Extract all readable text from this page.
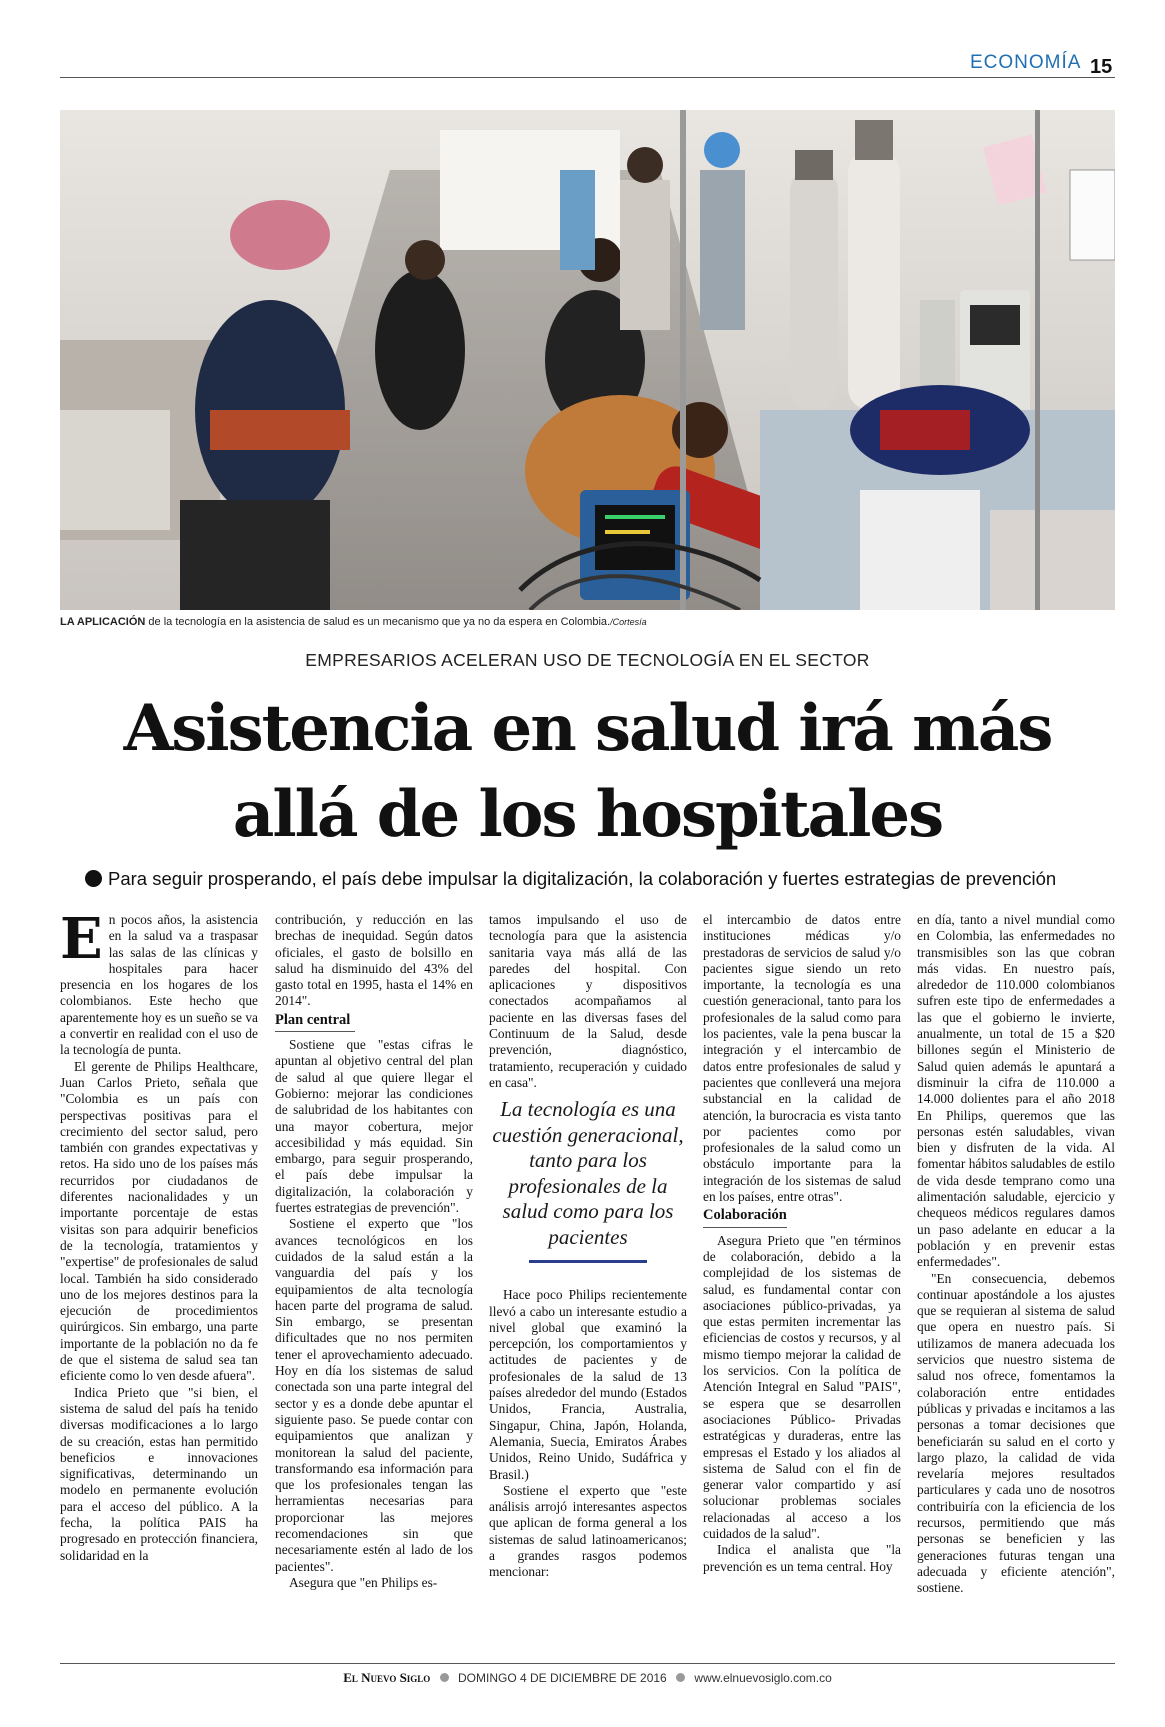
ECONOMÍA 15
LA APLICACIÓN de la tecnología en la asistencia de salud es un mecanismo que ya no da espera en Colombia./Cortesía
EMPRESARIOS ACELERAN USO DE TECNOLOGÍA EN EL SECTOR
Asistencia en salud irá más
allá de los hospitales
Para seguir prosperando, el país debe impulsar la digitalización, la colaboración y fuertes estrategias de prevención

En pocos años, la asistencia en la salud va a traspasar las salas de las clínicas y hospitales para hacer presencia en los hogares de los colombianos. Este hecho que aparentemente hoy es un sueño se va a convertir en realidad con el uso de la tecnología de punta.

El gerente de Philips Healthcare, Juan Carlos Prieto, señala que "Colombia es un país con perspectivas positivas para el crecimiento del sector salud, pero también con grandes expectativas y retos. Ha sido uno de los países más recurridos por ciudadanos de diferentes nacionalidades y un importante porcentaje de estas visitas son para adquirir beneficios de la tecnología, tratamientos y "expertise" de profesionales de salud local. También ha sido considerado uno de los mejores destinos para la ejecución de procedimientos quirúrgicos. Sin embargo, una parte importante de la población no da fe de que el sistema de salud sea tan eficiente como lo ven desde afuera".

Indica Prieto que "si bien, el sistema de salud del país ha tenido diversas modificaciones a lo largo de su creación, estas han permitido beneficios e innovaciones significativas, determinando un modelo en permanente evolución para el acceso del público. A la fecha, la política PAIS ha progresado en protección financiera, solidaridad en la

contribución, y reducción en las brechas de inequidad. Según datos oficiales, el gasto de bolsillo en salud ha disminuido del 43% del gasto total en 1995, hasta el 14% en 2014".

Plan central

Sostiene que "estas cifras le apuntan al objetivo central del plan de salud al que quiere llegar el Gobierno: mejorar las condiciones de salubridad de los habitantes con una mayor cobertura, mejor accesibilidad y más equidad. Sin embargo, para seguir prosperando, el país debe impulsar la digitalización, la colaboración y fuertes estrategias de prevención".

Sostiene el experto que "los avances tecnológicos en los cuidados de la salud están a la vanguardia del país y los equipamientos de alta tecnología hacen parte del programa de salud. Sin embargo, se presentan dificultades que no nos permiten tener el aprovechamiento adecuado. Hoy en día los sistemas de salud conectada son una parte integral del sector y es a donde debe apuntar el siguiente paso. Se puede contar con equipamientos que analizan y monitorean la salud del paciente, transformando esa información para que los profesionales tengan las herramientas necesarias para proporcionar las mejores recomendaciones sin que necesariamente estén al lado de los pacientes".

Asegura que "en Philips es-

tamos impulsando el uso de tecnología para que la asistencia sanitaria vaya más allá de las paredes del hospital. Con aplicaciones y dispositivos conectados acompañamos al paciente en las diversas fases del Continuum de la Salud, desde prevención, diagnóstico, tratamiento, recuperación y cuidado en casa".

La tecnología es una cuestión generacional, tanto para los profesionales de la salud como para los pacientes

Hace poco Philips recientemente llevó a cabo un interesante estudio a nivel global que examinó la percepción, los comportamientos y actitudes de pacientes y de profesionales de la salud de 13 países alrededor del mundo (Estados Unidos, Francia, Australia, Singapur, China, Japón, Holanda, Alemania, Suecia, Emiratos Árabes Unidos, Reino Unido, Sudáfrica y Brasil.)

Sostiene el experto que "este análisis arrojó interesantes aspectos que aplican de forma general a los sistemas de salud latinoamericanos; a grandes rasgos podemos mencionar:

el intercambio de datos entre instituciones médicas y/o prestadoras de servicios de salud y/o pacientes sigue siendo un reto importante, la tecnología es una cuestión generacional, tanto para los profesionales de la salud como para los pacientes, vale la pena buscar la integración y el intercambio de datos entre profesionales de salud y pacientes que conlleverá una mejora substancial en la calidad de atención, la burocracia es vista tanto por pacientes como por profesionales de la salud como un obstáculo importante para la integración de los sistemas de salud en los países, entre otras".

Colaboración

Asegura Prieto que "en términos de colaboración, debido a la complejidad de los sistemas de salud, es fundamental contar con asociaciones público-privadas, ya que estas permiten incrementar las eficiencias de costos y recursos, y al mismo tiempo mejorar la calidad de los servicios. Con la política de Atención Integral en Salud "PAIS", se espera que se desarrollen asociaciones Público- Privadas estratégicas y duraderas, entre las empresas el Estado y los aliados al sistema de Salud con el fin de generar valor compartido y así solucionar problemas sociales relacionadas al acceso a los cuidados de la salud".

Indica el analista que "la prevención es un tema central. Hoy

en día, tanto a nivel mundial como en Colombia, las enfermedades no transmisibles son las que cobran más vidas. En nuestro país, alrededor de 110.000 colombianos sufren este tipo de enfermedades a las que el gobierno le invierte, anualmente, un total de 15 a $20 billones según el Ministerio de Salud quien además le apuntará a disminuir la cifra de 110.000 a 14.000 dolientes para el año 2018 En Philips, queremos que las personas estén saludables, vivan bien y disfruten de la vida. Al fomentar hábitos saludables de estilo de vida desde temprano como una alimentación saludable, ejercicio y chequeos médicos regulares damos un paso adelante en educar a la población y en prevenir estas enfermedades".

"En consecuencia, debemos continuar apostándole a los ajustes que se requieran al sistema de salud que opera en nuestro país. Si utilizamos de manera adecuada los servicios que nuestro sistema de salud nos ofrece, fomentamos la colaboración entre entidades públicas y privadas e incitamos a las personas a tomar decisiones que beneficiarán su salud en el corto y largo plazo, la calidad de vida revelaría mejores resultados particulares y cada uno de nosotros contribuiría con la eficiencia de los recursos, permitiendo que más personas se beneficien y las generaciones futuras tengan una adecuada y eficiente atención", sostiene.

El Nuevo Siglo DOMINGO 4 DE DICIEMBRE DE 2016 www.elnuevosiglo.com.co
